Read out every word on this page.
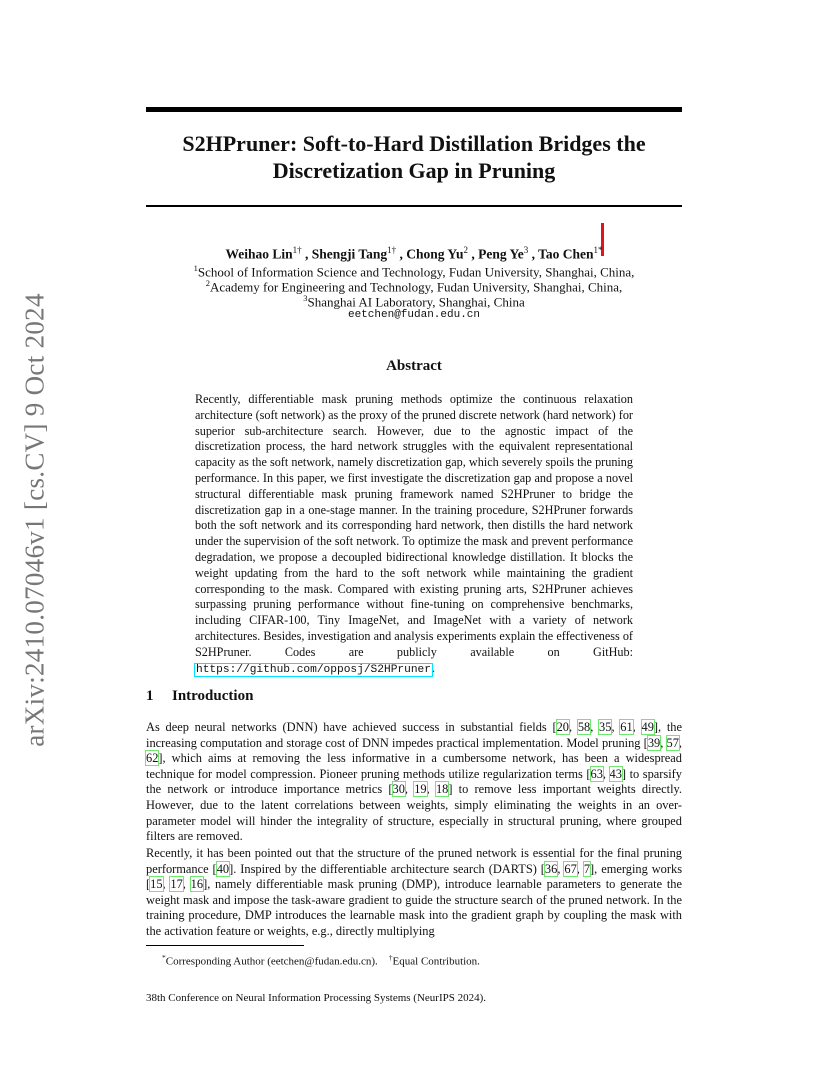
arXiv:2410.07046v1 [cs.CV] 9 Oct 2024
S2HPruner: Soft-to-Hard Distillation Bridges the
Discretization Gap in Pruning
Weihao Lin$^{1\dagger}$ , Shengji Tang$^{1\dagger}$ , Chong Yu$^2$ , Peng Ye$^3$ , Tao Chen$^{1*}$
$^1$School of Information Science and Technology, Fudan University, Shanghai, China,
$^2$Academy for Engineering and Technology, Fudan University, Shanghai, China,
$^3$Shanghai AI Laboratory, Shanghai, China
eetchen@fudan.edu.cn
Abstract
Recently, differentiable mask pruning methods optimize the continuous relaxation architecture (soft network) as the proxy of the pruned discrete network (hard network) for superior sub-architecture search. However, due to the agnostic impact of the discretization process, the hard network struggles with the equivalent representational capacity as the soft network, namely discretization gap, which severely spoils the pruning performance. In this paper, we first investigate the discretization gap and propose a novel structural differentiable mask pruning framework named S2HPruner to bridge the discretization gap in a one-stage manner. In the training procedure, S2HPruner forwards both the soft network and its corresponding hard network, then distills the hard network under the supervision of the soft network. To optimize the mask and prevent performance degradation, we propose a decoupled bidirectional knowledge distillation. It blocks the weight updating from the hard to the soft network while maintaining the gradient corresponding to the mask. Compared with existing pruning arts, S2HPruner achieves surpassing pruning performance without fine-tuning on comprehensive benchmarks, including CIFAR-100, Tiny ImageNet, and ImageNet with a variety of network architectures. Besides, investigation and analysis experiments explain the effectiveness of S2HPruner. Codes are publicly available on GitHub: https://github.com/opposj/S2HPruner.
1 Introduction
As deep neural networks (DNN) have achieved success in substantial fields [20, 58, 35, 61, 49], the increasing computation and storage cost of DNN impedes practical implementation. Model pruning [39, 57, 62], which aims at removing the less informative in a cumbersome network, has been a widespread technique for model compression. Pioneer pruning methods utilize regularization terms [63, 43] to sparsify the network or introduce importance metrics [30, 19, 18] to remove less important weights directly. However, due to the latent correlations between weights, simply eliminating the weights in an over-parameter model will hinder the integrality of structure, especially in structural pruning, where grouped filters are removed.
Recently, it has been pointed out that the structure of the pruned network is essential for the final pruning performance [40]. Inspired by the differentiable architecture search (DARTS) [36, 67, 7], emerging works [15, 17, 16], namely differentiable mask pruning (DMP), introduce learnable parameters to generate the weight mask and impose the task-aware gradient to guide the structure search of the pruned network. In the training procedure, DMP introduces the learnable mask into the gradient graph by coupling the mask with the activation feature or weights, e.g., directly multiplying
*Corresponding Author (eetchen@fudan.edu.cn). †Equal Contribution.
38th Conference on Neural Information Processing Systems (NeurIPS 2024).
